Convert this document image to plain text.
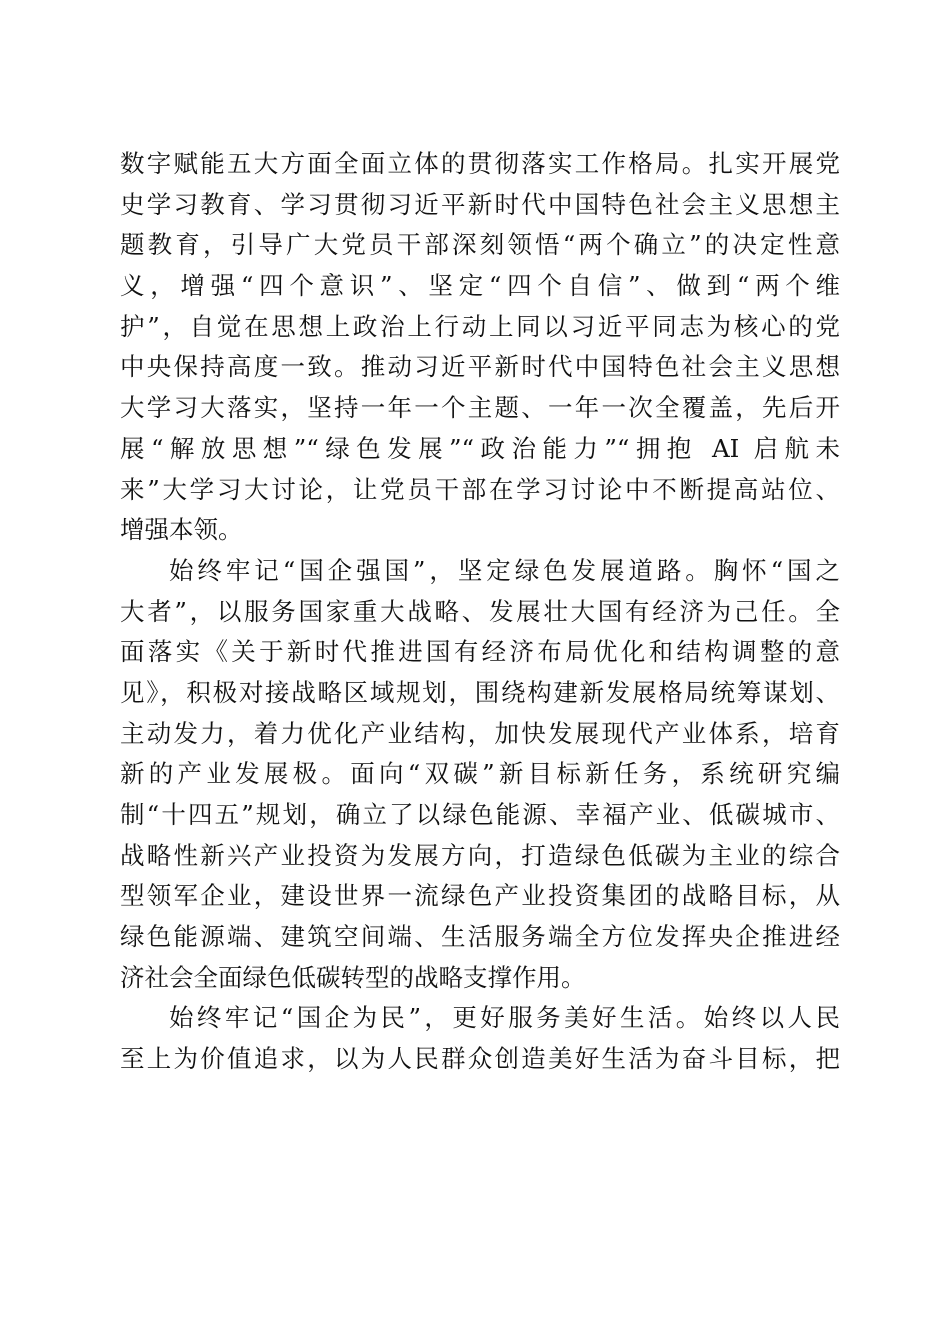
数字赋能五大方面全面立体的贯彻落实工作格局。扎实开展党
史学习教育、学习贯彻习近平新时代中国特色社会主义思想主
题教育，引导广大党员干部深刻领悟“两个确立”的决定性意
义，增强“四个意识”、坚定“四个自信”、做到“两个维
护”，自觉在思想上政治上行动上同以习近平同志为核心的党
中央保持高度一致。推动习近平新时代中国特色社会主义思想
大学习大落实，坚持一年一个主题、一年一次全覆盖，先后开
展“解放思想”“绿色发展”“政治能力”“拥抱 AI 启航未
来”大学习大讨论，让党员干部在学习讨论中不断提高站位、
增强本领。
始终牢记“国企强国”，坚定绿色发展道路。胸怀“国之
大者”，以服务国家重大战略、发展壮大国有经济为己任。全
面落实《关于新时代推进国有经济布局优化和结构调整的意
见》，积极对接战略区域规划，围绕构建新发展格局统筹谋划、
主动发力，着力优化产业结构，加快发展现代产业体系，培育
新的产业发展极。面向“双碳”新目标新任务，系统研究编
制“十四五”规划，确立了以绿色能源、幸福产业、低碳城市、
战略性新兴产业投资为发展方向，打造绿色低碳为主业的综合
型领军企业，建设世界一流绿色产业投资集团的战略目标，从
绿色能源端、建筑空间端、生活服务端全方位发挥央企推进经
济社会全面绿色低碳转型的战略支撑作用。
始终牢记“国企为民”，更好服务美好生活。始终以人民
至上为价值追求，以为人民群众创造美好生活为奋斗目标，把
